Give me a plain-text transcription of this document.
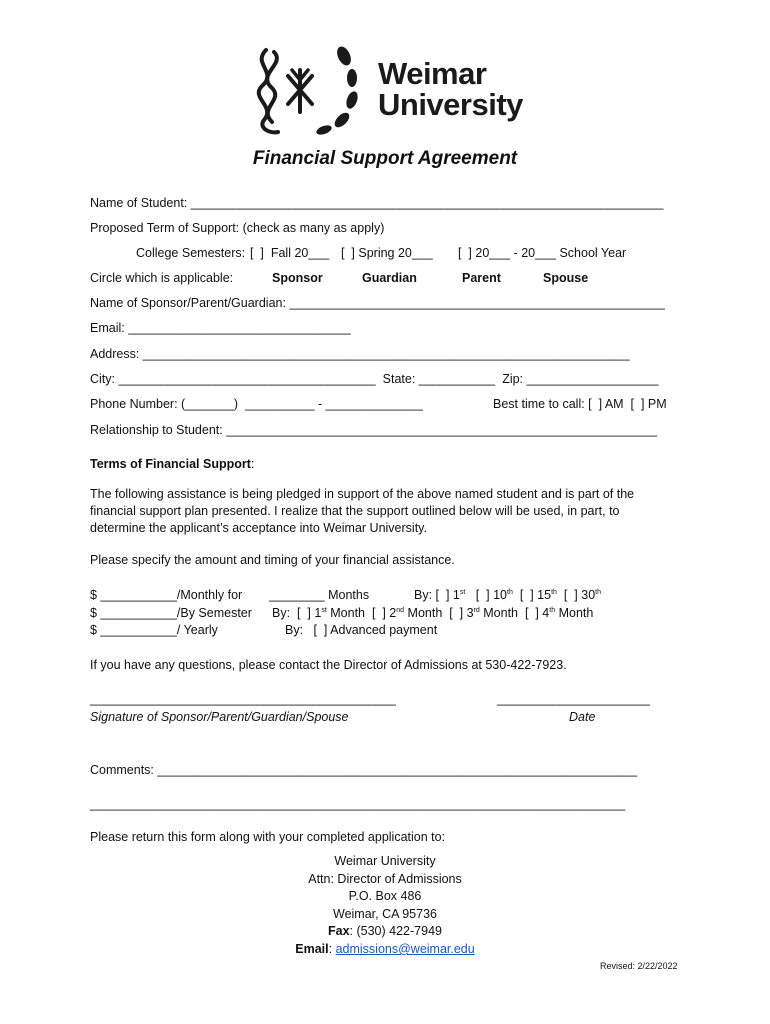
Weimar
University
Financial Support Agreement
Name of Student: ____________________________________________________________________
Proposed Term of Support: (check as many as apply)
College Semesters: [  ]  Fall 20___ [  ] Spring 20___ [  ] 20___ - 20___ School Year
Circle which is applicable:	Sponsor	Guardian	Parent	Spouse
Name of Sponsor/Parent/Guardian: ______________________________________________________
Email: ________________________________
Address: ______________________________________________________________________
City: _____________________________________  State: ___________  Zip: ___________________
Phone Number: (_______)  __________ - ______________	Best time to call: [  ] AM  [  ] PM
Relationship to Student: ______________________________________________________________
Terms of Financial Support:
The following assistance is being pledged in support of the above named student and is part of the
financial support plan presented. I realize that the support outlined below will be used, in part, to
determine the applicant’s acceptance into Weimar University.
Please specify the amount and timing of your financial assistance.
$ ___________/Monthly for ________ Months	By: [  ] 1st [  ] 10th [  ] 15th [  ] 30th
$ ___________/By Semester By:  [  ] 1st Month  [  ] 2nd Month  [  ] 3rd Month  [  ] 4th Month
$ ___________/ Yearly	By:   [  ] Advanced payment
If you have any questions, please contact the Director of Admissions at 530-422-7923.
____________________________________________
Signature of Sponsor/Parent/Guardian/Spouse
______________________
Date
Comments: _____________________________________________________________________
_____________________________________________________________________________
Please return this form along with your completed application to:
Weimar University
Attn: Director of Admissions
P.O. Box 486
Weimar, CA 95736
Fax: (530) 422-7949
Email: admissions@weimar.edu
Revised: 2/22/2022
